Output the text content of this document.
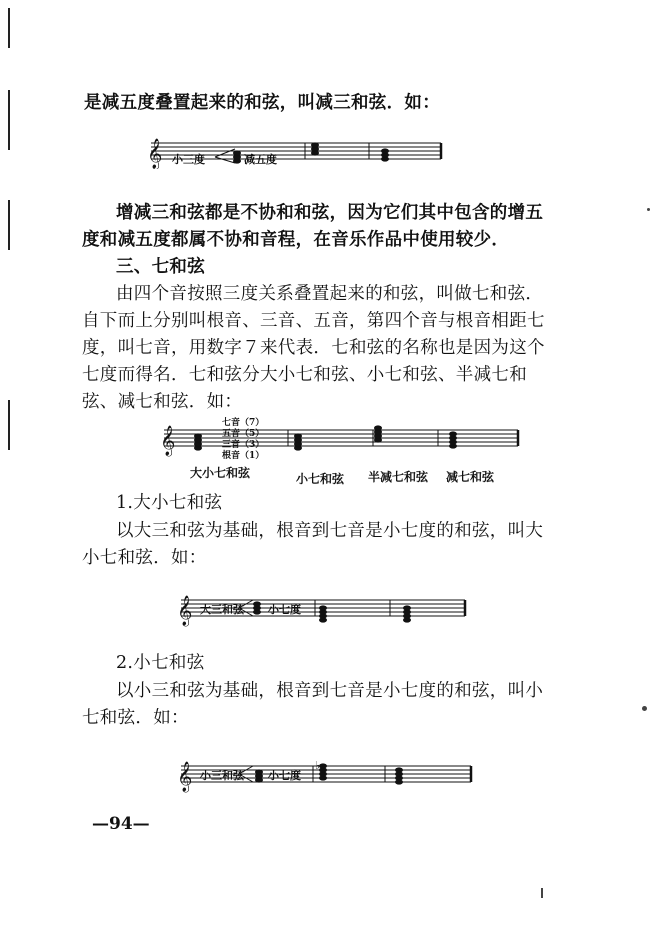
是减五度叠置起来的和弦，叫减三和弦．如：
𝄞 小三度	减五度
增减三和弦都是不协和和弦，因为它们其中包含的增五
度和减五度都属不协和音程，在音乐作品中使用较少．
三、七和弦
由四个音按照三度关系叠置起来的和弦，叫做七和弦．
自下而上分别叫根音、三音、五音，第四个音与根音相距七
度，叫七音，用数字７来代表．七和弦的名称也是因为这个
七度而得名．七和弦分大小七和弦、小七和弦、半减七和
弦、减七和弦．如：
𝄞
七音（7）
五音（5）
三音（3）
根音（1）
大小七和弦	小七和弦 半减七和弦 减七和弦
1.大小七和弦
以大三和弦为基础，根音到七音是小七度的和弦，叫大
小七和弦．如：
𝄞 大三和弦 小七度
2.小七和弦
以小三和弦为基础，根音到七音是小七度的和弦，叫小
七和弦．如：
𝄞	♭
小三和弦 小七度
—94—
